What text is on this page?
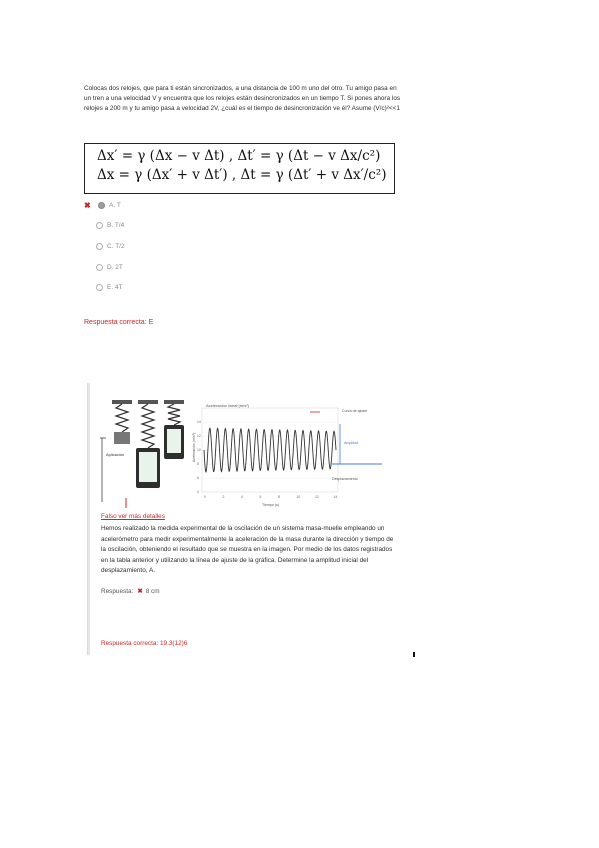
Colocas dos relojes, que para ti están sincronizados, a una distancia de 100 m uno del otro. Tu amigo pasa en un tren a una velocidad V y encuentra que los relojes están desincronizados en un tiempo T. Si pones ahora los relojes a 200 m y tu amigo pasa a velocidad 2V, ¿cuál es el tiempo de desincronización ve él? Asume (V/c)²<<1
Δx′ = γ (Δx − v Δt) , Δt′ = γ (Δt − v Δx/c²)
Δx = γ (Δx′ + v Δt′) , Δt = γ (Δt′ + v Δx′/c²)
✖	A. T
B. T/4
C. T/2
D. 2T
E. 4T
Respuesta correcta: E
Aplicación
Aceleración lineal (m/s²)
Aceleración (m/s²)
Tiempo (s)
0	2	4	6	8	10	12	14
14
12
10
8
6
4
Curva de ajuste
Amplitud
Desplazamiento
Falso ver más detalles
Hemos realizado la medida experimental de la oscilación de un sistema masa-muelle empleando un acelerómetro para medir experimentalmente la aceleración de la masa durante la dirección y tiempo de la oscilación, obteniendo el resultado que se muestra en la imagen. Por medio de los datos registrados en la tabla anterior y utilizando la línea de ajuste de la gráfica. Determine la amplitud inicial del desplazamiento, A.
Respuesta: ✖ 8 cm
Respuesta correcta: 19.3(12)6
